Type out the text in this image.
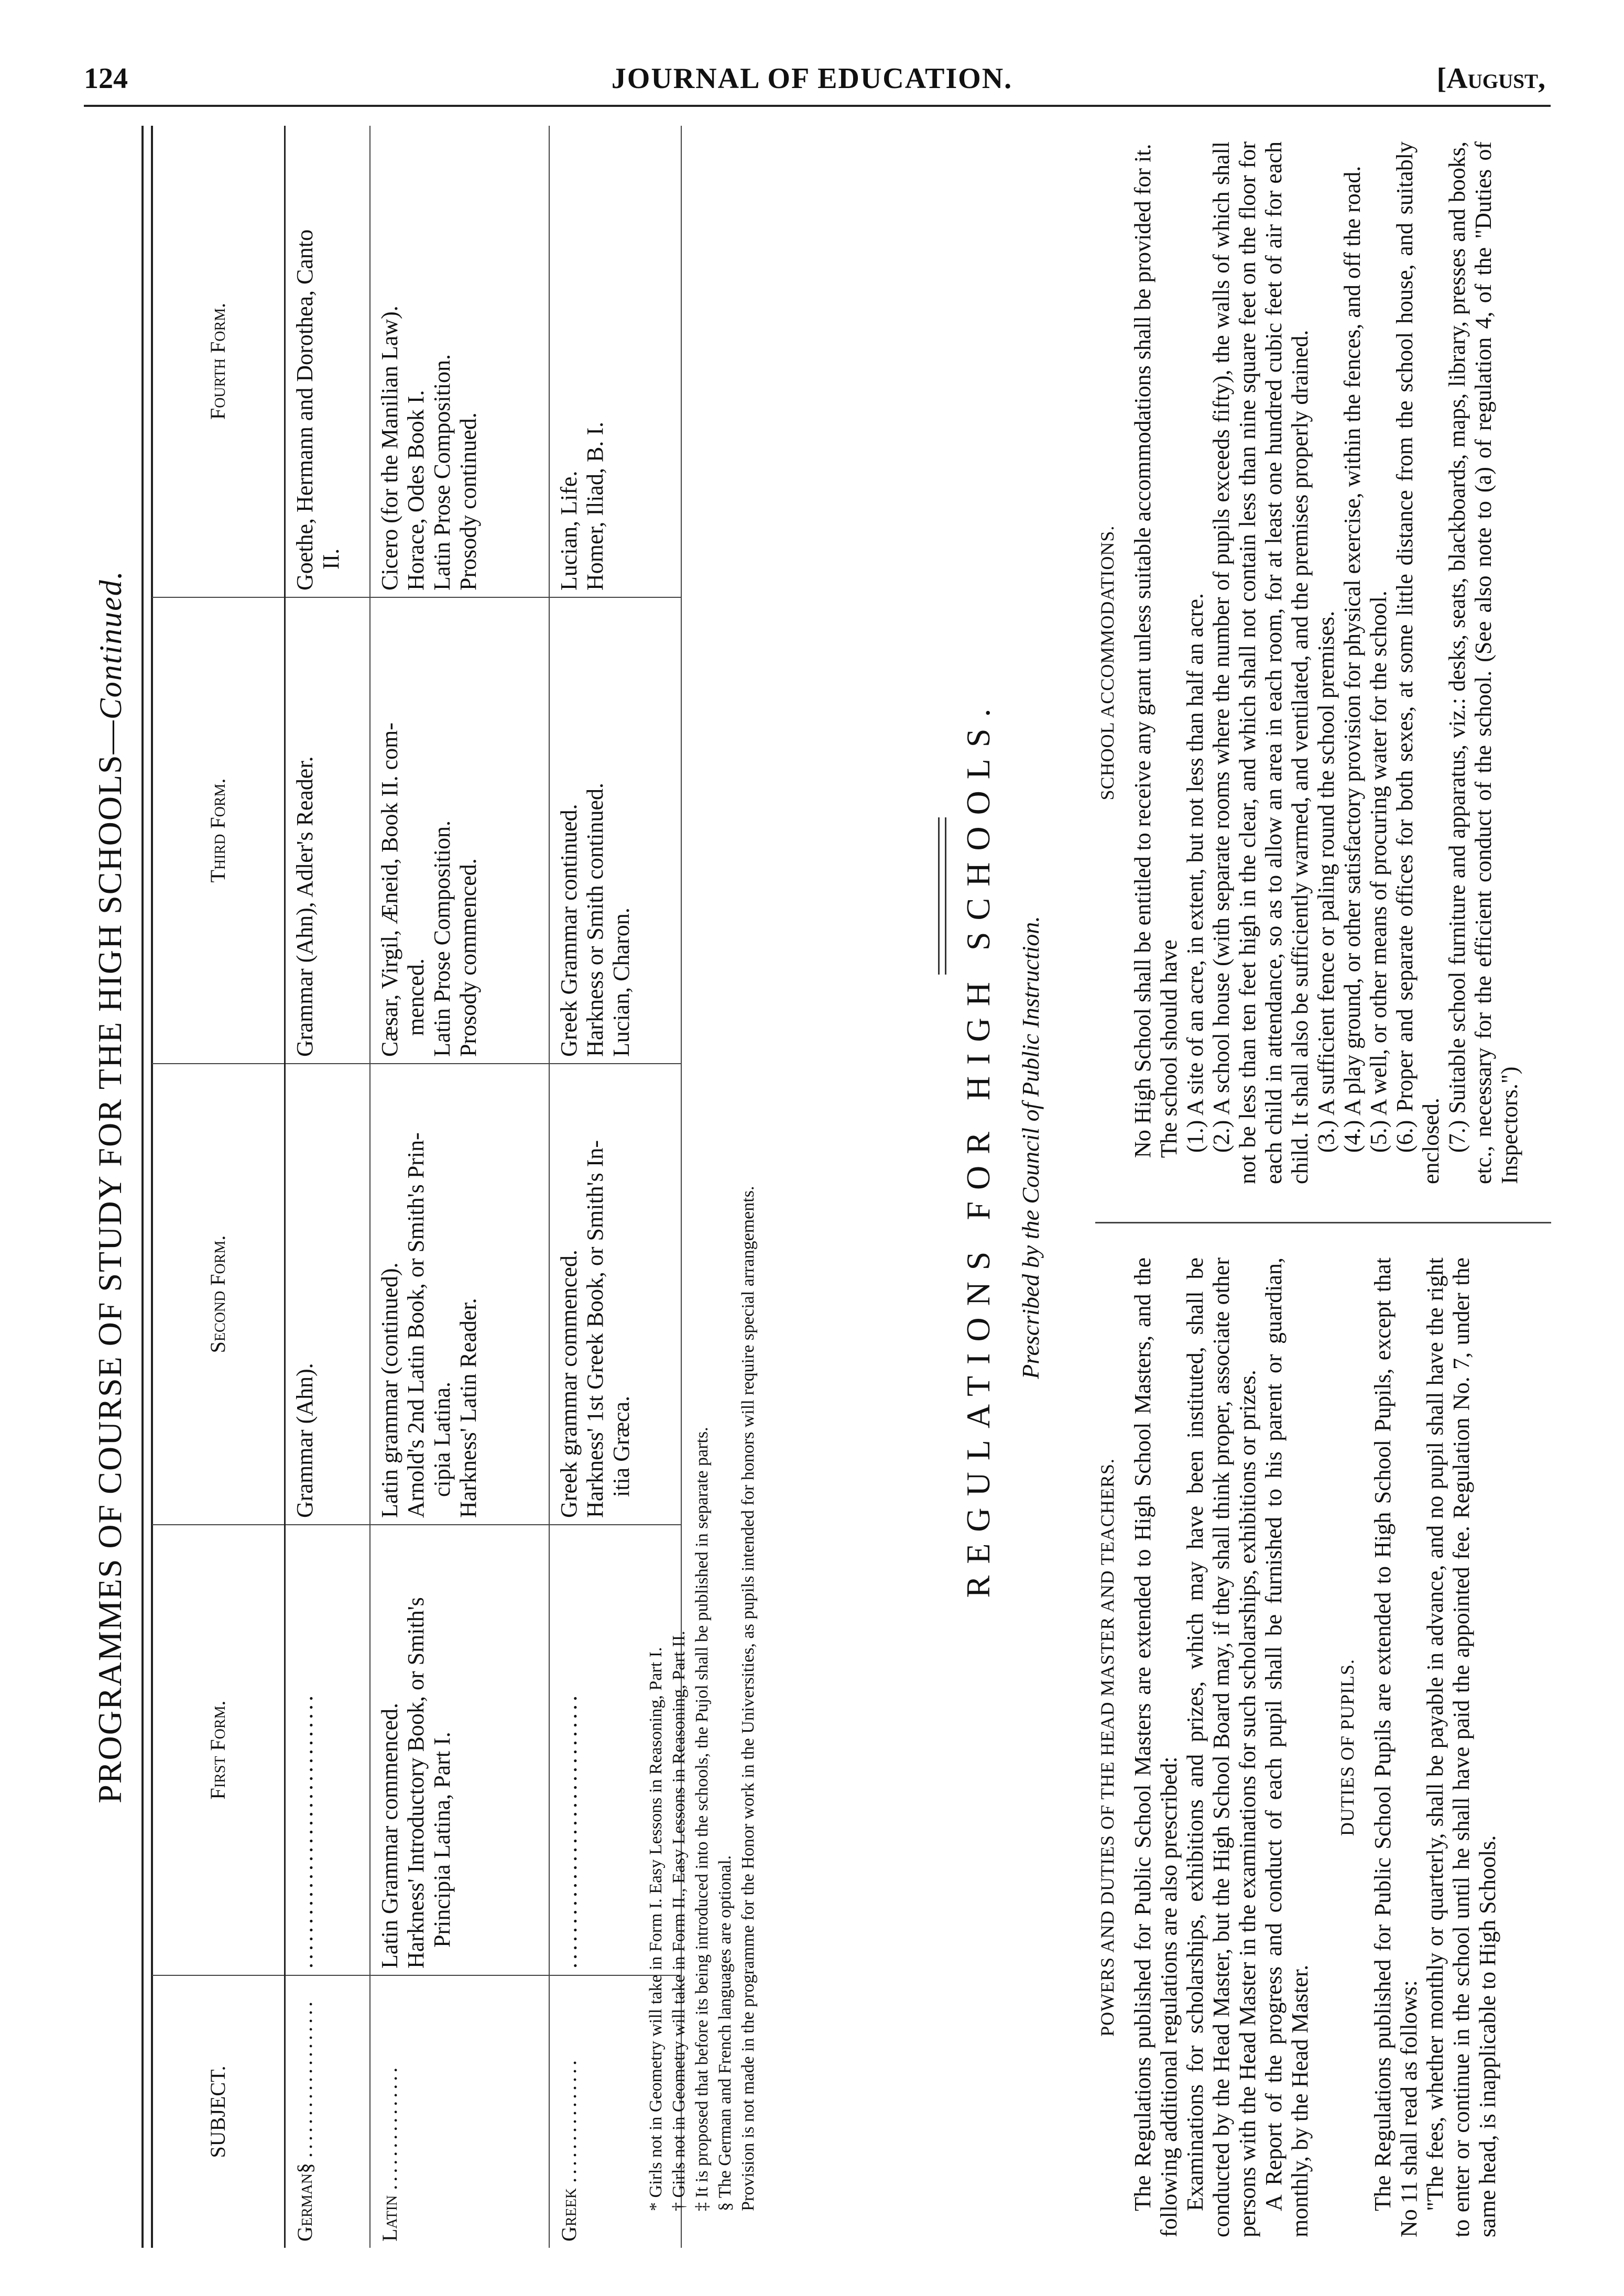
JOURNAL OF EDUCATION.
124	[August,
PROGRAMMES OF COURSE OF STUDY FOR THE HIGH SCHOOLS—Continued.
SUBJECT.	First Form.	Second Form.	Third Form.	Fourth Form.
German§ ...................	...............................	Grammar (Ahn).	Grammar (Ahn), Adler's Reader.	Goethe, Hermann and Dorothea, Canto II.

Latin ...............	Latin Grammar commenced. Harkness' Introductory Book, or Smith's Principia Latina, Part I.	Latin grammar (continued). Arnold's 2nd Latin Book, or Smith's Prin- cipia Latina. Harkness' Latin Reader.	Cæsar, Virgil, Æneid, Book II. com- menced. Latin Prose Composition. Prosody commenced.	Cicero (for the Manilian Law). Horace, Odes Book I. Latin Prose Composition. Prosody continued.

Greek ...............	...............................	Greek grammar commenced. Harkness' 1st Greek Book, or Smith's In- itia Græca.	Greek Grammar continued. Harkness or Smith continued. Lucian, Charon.	Lucian, Life. Homer, Iliad, B. I.
* Girls not in Geometry will take in Form I. Easy Lessons in Reasoning, Part I. † Girls not in Geometry will take in Form II., Easy Lessons in Reasoning, Part II. ‡ It is proposed that before its being introduced into the schools, the Pujol shall be published in separate parts. § The German and French languages are optional. Provision is not made in the programme for the Honor work in the Universities, as pupils intended for honors will require special arrangements.
REGULATIONS FOR HIGH SCHOOLS. Prescribed by the Council of Public Instruction.
POWERS AND DUTIES OF THE HEAD MASTER AND TEACHERS. The Regulations published for Public School Masters are extended to High School Masters, and the following additional regulations are also prescribed: Examinations for scholarships, exhibitions and prizes, which may have been instituted, shall be conducted by the Head Master, but the High School Board may, if they shall think proper, associate other persons with the Head Master in the examinations for such scholarships, exhibitions or prizes. A Report of the progress and conduct of each pupil shall be furnished to his parent or guardian, monthly, by the Head Master.

DUTIES OF PUPILS. The Regulations published for Public School Pupils are extended to High School Pupils, except that No 11 shall read as follows: "The fees, whether monthly or quarterly, shall be payable in advance, and no pupil shall have the right to enter or continue in the school until he shall have paid the appointed fee. Regulation No. 7, under the same head, is inapplicable to High Schools.

SCHOOL ACCOMMODATIONS. No High School shall be entitled to receive any grant unless suitable accommodations shall be provided for it. The school should have (1.) A site of an acre, in extent, but not less than half an acre. (2.) A school house (with separate rooms where the number of pupils exceeds fifty), the walls of which shall not be less than ten feet high in the clear, and which shall not contain less than nine square feet on the floor for each child in attendance, so as to allow an area in each room, for at least one hundred cubic feet of air for each child. It shall also be sufficiently warmed, and ventilated, and the premises properly drained. (3.) A sufficient fence or paling round the school premises. (4.) A play ground, or other satisfactory provision for physical exercise, within the fences, and off the road. (5.) A well, or other means of procuring water for the school. (6.) Proper and separate offices for both sexes, at some little distance from the school house, and suitably enclosed. (7.) Suitable school furniture and apparatus, viz.: desks, seats, blackboards, maps, library, presses and books, etc., necessary for the efficient conduct of the school. (See also note to (a) of regulation 4, of the "Duties of Inspectors.")
